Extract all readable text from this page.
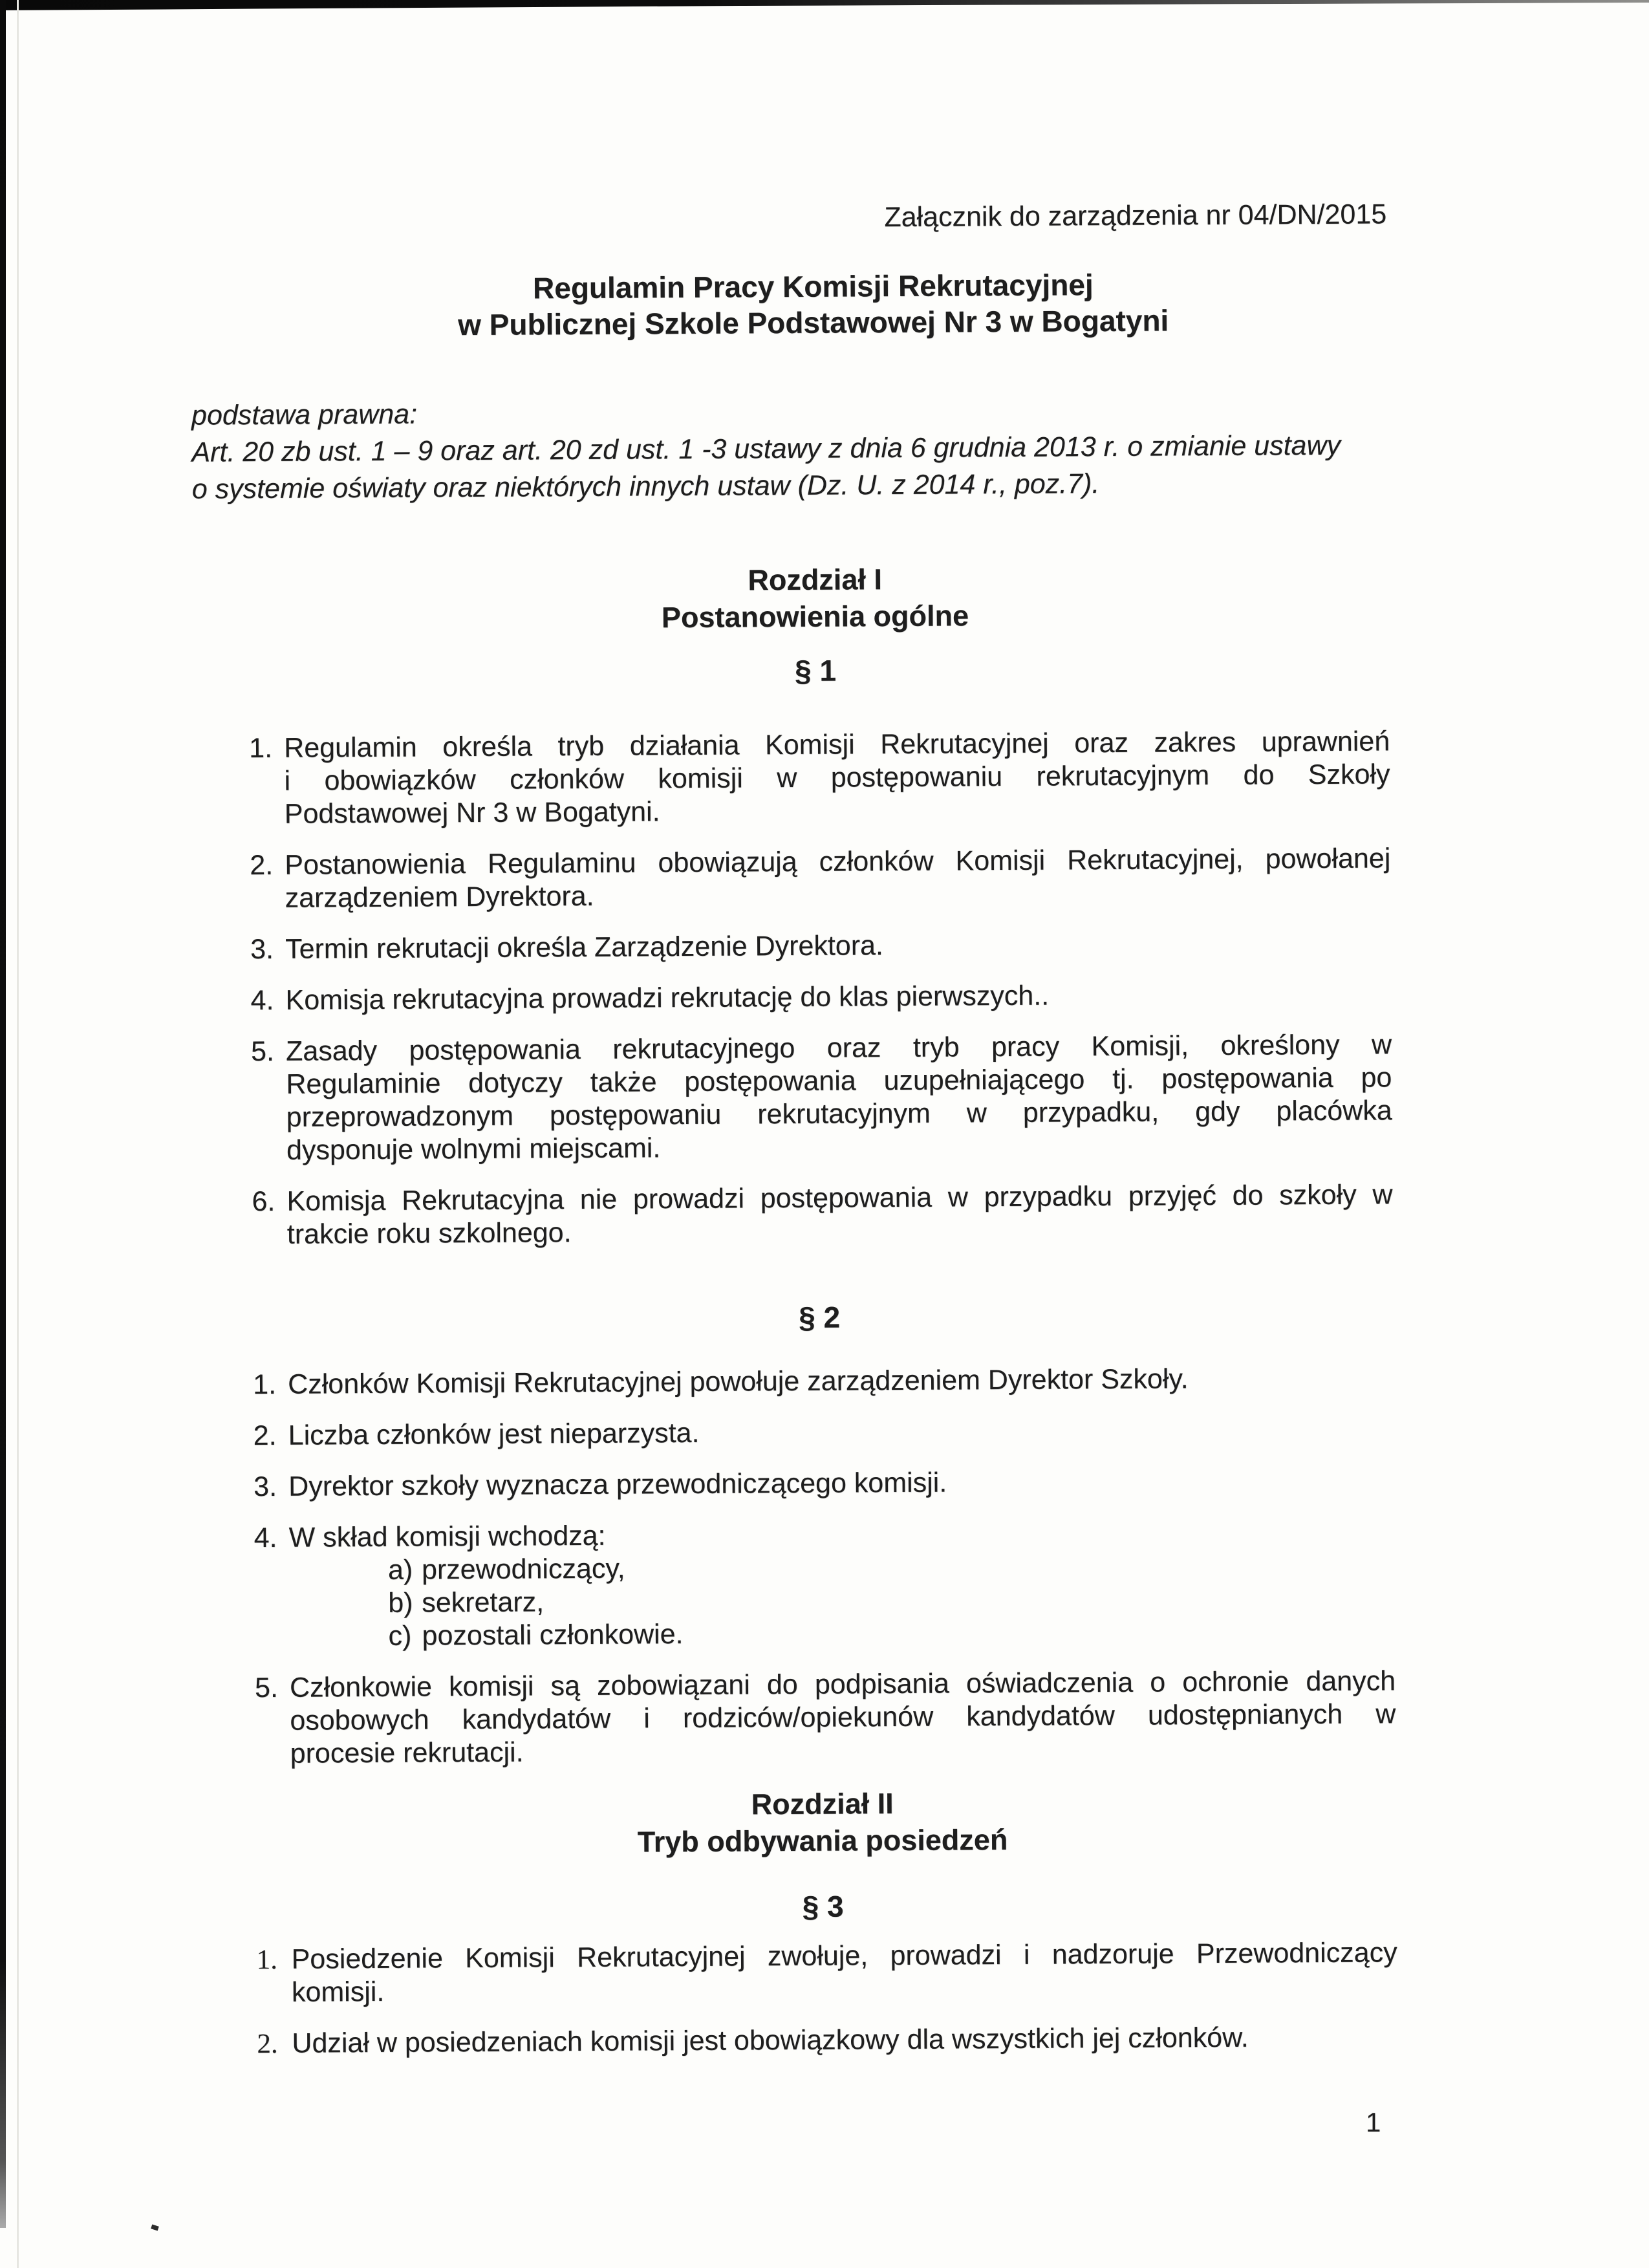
Załącznik do zarządzenia nr 04/DN/2015
Regulamin Pracy Komisji Rekrutacyjnej
w Publicznej Szkole Podstawowej Nr 3 w Bogatyni
podstawa prawna:
Art. 20 zb ust. 1 – 9 oraz art. 20 zd ust. 1 -3 ustawy z dnia 6 grudnia 2013 r. o zmianie ustawy
o systemie oświaty oraz niektórych innych ustaw (Dz. U. z 2014 r., poz.7).
Rozdział I
Postanowienia ogólne
§ 1
Regulamin określa tryb działania Komisji Rekrutacyjnej oraz zakres uprawnień
i obowiązków członków komisji w postępowaniu rekrutacyjnym do Szkoły
Podstawowej Nr 3 w Bogatyni.
Postanowienia Regulaminu obowiązują członków Komisji Rekrutacyjnej, powołanej
zarządzeniem Dyrektora.
Termin rekrutacji określa Zarządzenie Dyrektora.
Komisja rekrutacyjna prowadzi rekrutację do klas pierwszych..
Zasady postępowania rekrutacyjnego oraz tryb pracy Komisji, określony w
Regulaminie dotyczy także postępowania uzupełniającego tj. postępowania po
przeprowadzonym postępowaniu rekrutacyjnym w przypadku, gdy placówka
dysponuje wolnymi miejscami.
Komisja Rekrutacyjna nie prowadzi postępowania w przypadku przyjęć do szkoły w
trakcie roku szkolnego.
§ 2
Członków Komisji Rekrutacyjnej powołuje zarządzeniem Dyrektor Szkoły.
Liczba członków jest nieparzysta.
Dyrektor szkoły wyznacza przewodniczącego komisji.
W skład komisji wchodzą:
przewodniczący,
sekretarz,
pozostali członkowie.
Członkowie komisji są zobowiązani do podpisania oświadczenia o ochronie danych
osobowych kandydatów i rodziców/opiekunów kandydatów udostępnianych w
procesie rekrutacji.
Rozdział II
Tryb odbywania posiedzeń
§ 3
Posiedzenie Komisji Rekrutacyjnej zwołuje, prowadzi i nadzoruje Przewodniczący
komisji.
Udział w posiedzeniach komisji jest obowiązkowy dla wszystkich jej członków.
1
